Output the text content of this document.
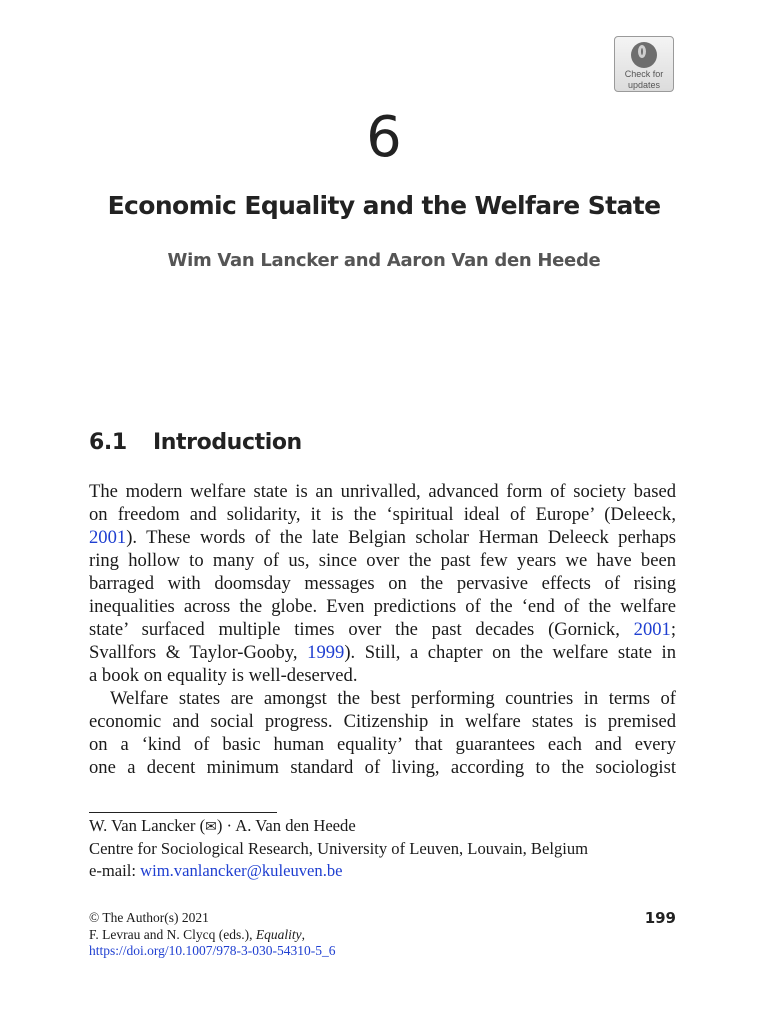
Check for
updates
6
Economic Equality and the Welfare State
Wim Van Lancker and Aaron Van den Heede
6.1 Introduction

The modern welfare state is an unrivalled, advanced form of society based

on freedom and solidarity, it is the ‘spiritual ideal of Europe’ (Deleeck,

2001). These words of the late Belgian scholar Herman Deleeck perhaps

ring hollow to many of us, since over the past few years we have been

barraged with doomsday messages on the pervasive effects of rising

inequalities across the globe. Even predictions of the ‘end of the welfare

state’ surfaced multiple times over the past decades (Gornick, 2001;

Svallfors & Taylor-Gooby, 1999). Still, a chapter on the welfare state in

a book on equality is well-deserved.

Welfare states are amongst the best performing countries in terms of

economic and social progress. Citizenship in welfare states is premised

on a ‘kind of basic human equality’ that guarantees each and every

one a decent minimum standard of living, according to the sociologist

W. Van Lancker (✉) · A. Van den Heede
Centre for Sociological Research, University of Leuven, Louvain, Belgium
e-mail: wim.vanlancker@kuleuven.be
© The Author(s) 2021
F. Levrau and N. Clycq (eds.), Equality,
https://doi.org/10.1007/978-3-030-54310-5_6
199
